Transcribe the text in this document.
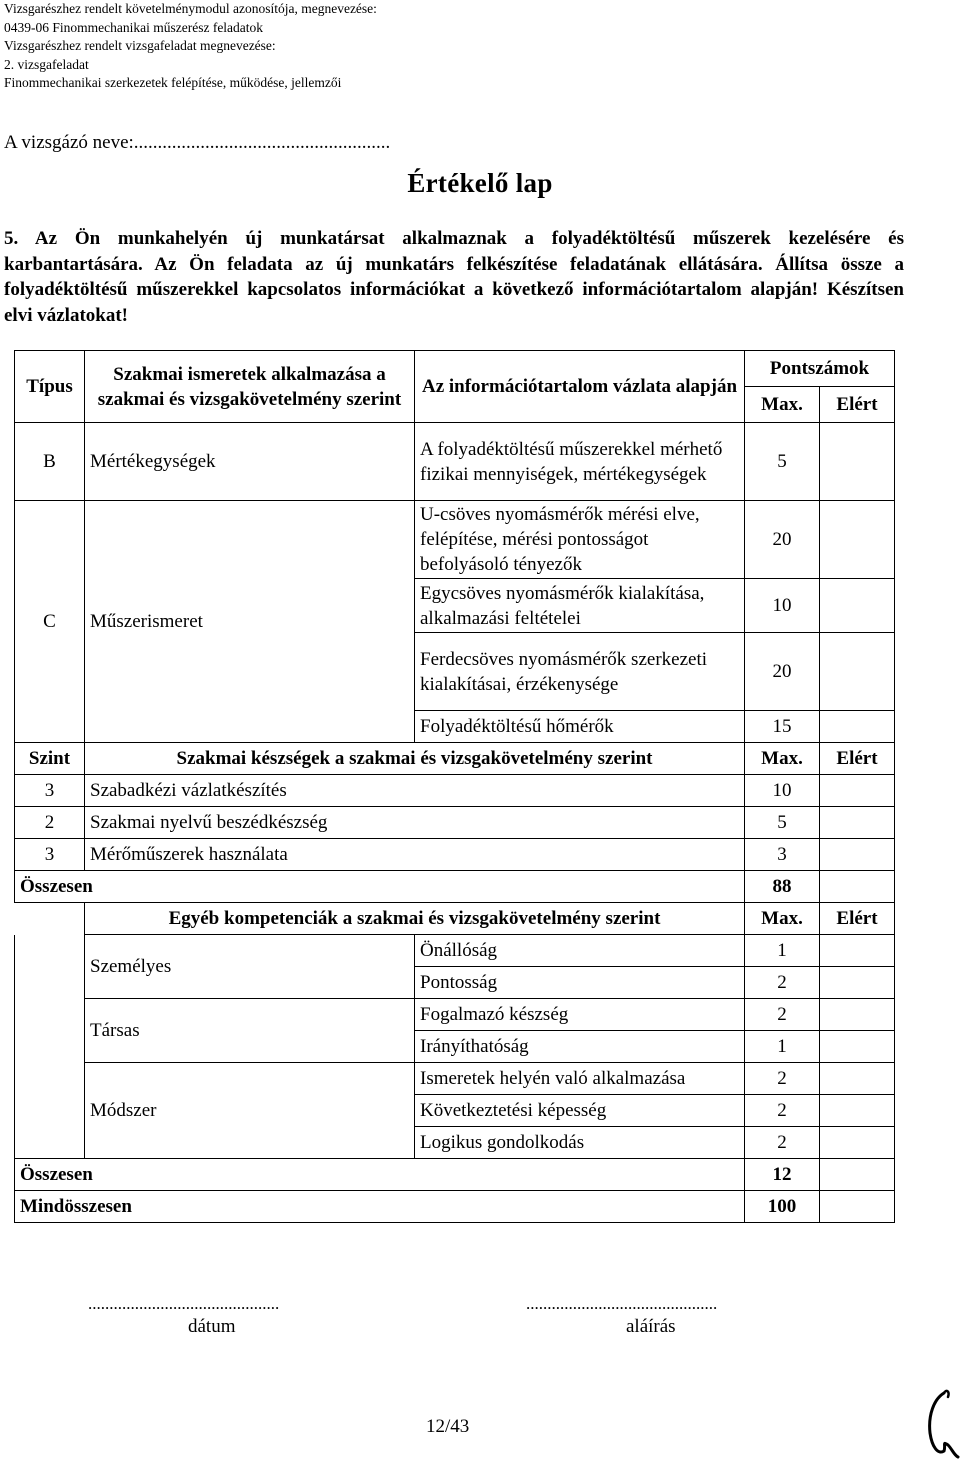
Vizsgarészhez rendelt követelménymodul azonosítója, megnevezése:
0439-06 Finommechanikai műszerész feladatok
Vizsgarészhez rendelt vizsgafeladat megnevezése:
2. vizsgafeladat
Finommechanikai szerkezetek felépítése, működése, jellemzői
A vizsgázó neve:......................................................
Értékelő lap
5. Az Ön munkahelyén új munkatársat alkalmaznak a folyadéktöltésű műszerek kezelésére és karbantartására. Az Ön feladata az új munkatárs felkészítése feladatának ellátására. Állítsa össze a folyadéktöltésű műszerekkel kapcsolatos információkat a következő információtartalom alapján! Készítsen elvi vázlatokat!
Típus	Szakmai ismeretek alkalmazása a szakmai és vizsgakövetelmény szerint	Az információtartalom vázlata alapján	Pontszámok	
			Max.	Elért
B	Mértékegységek	A folyadéktöltésű műszerekkel mérhető fizikai mennyiségek, mértékegységek	5	
C	Műszerismeret	U-csöves nyomásmérők mérési elve, felépítése, mérési pontosságot befolyásoló tényezők	20	
		Egycsöves nyomásmérők kialakítása, alkalmazási feltételei	10	
		Ferdecsöves nyomásmérők szerkezeti kialakításai, érzékenysége	20	
		Folyadéktöltésű hőmérők	15	
Szint	Szakmai készségek a szakmai és vizsgakövetelmény szerint		Max.	Elért
3	Szabadkézi vázlatkészítés		10	
2	Szakmai nyelvű beszédkészség		5	
3	Mérőműszerek használata		3	
Összesen			88	
	Egyéb kompetenciák a szakmai és vizsgakövetelmény szerint		Max.	Elért
	Személyes	Önállóság	1	
		Pontosság	2	
	Társas	Fogalmazó készség	2	
		Irányíthatóság	1	
	Módszer	Ismeretek helyén való alkalmazása	2	
		Következtetési képesség	2	
		Logikus gondolkodás	2	
Összesen			12	
Mindösszesen			100	
.............................................
dátum
.............................................
aláírás
12/43
